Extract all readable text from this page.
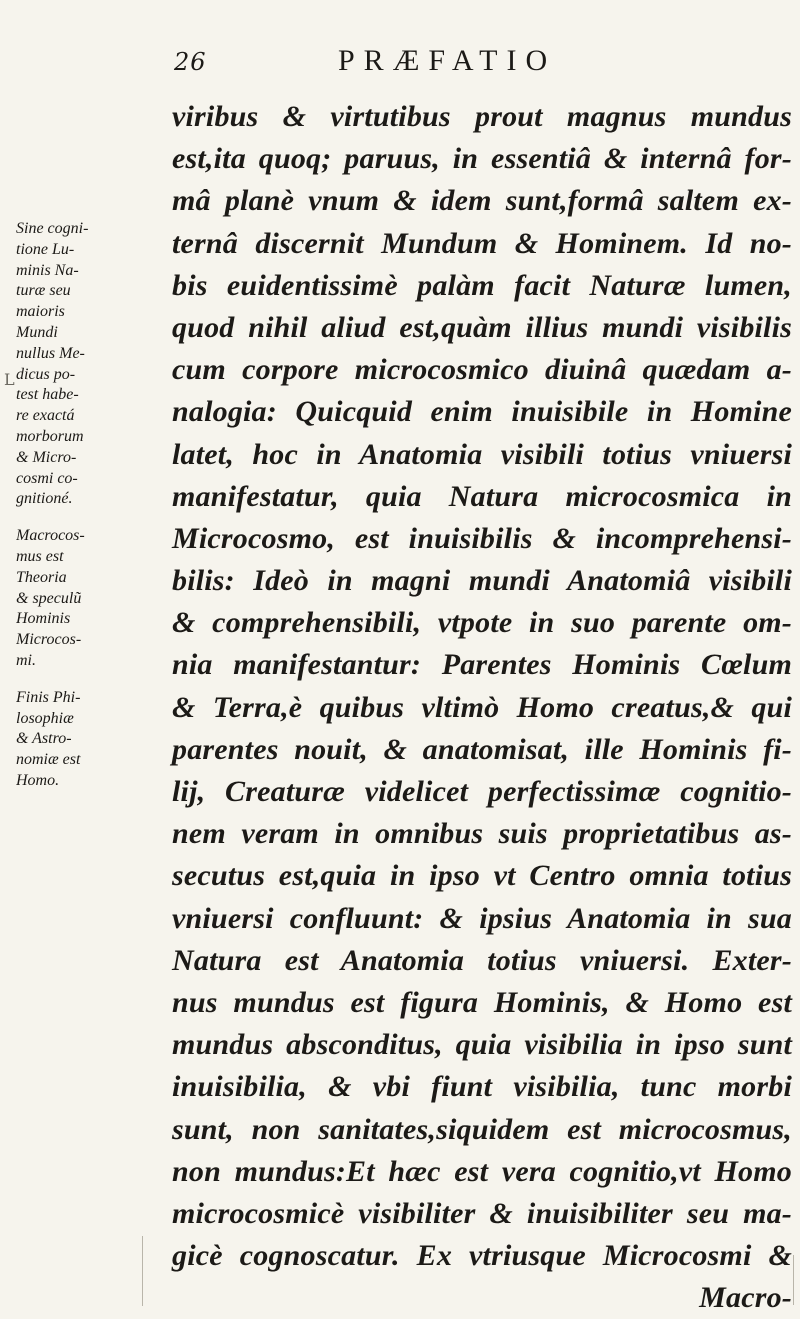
26	PRÆFATIO
L
Sine cogni-
tione Lu-
minis Na-
turæ seu
maioris
Mundi
nullus Me-
dicus po-
test habe-
re exactá
morborum
& Micro-
cosmi co-
gnitioné.
Macrocos-
mus est
Theoria
& speculũ
Hominis
Microcos-
mi.
Finis Phi-
losophiæ
& Astro-
nomiæ est
Homo.
viribus & virtutibus prout magnus mundus
est,ita quoq; paruus, in essentiâ & internâ for-
mâ planè vnum & idem sunt,formâ saltem ex-
ternâ discernit Mundum & Hominem. Id no-
bis euidentissimè palàm facit Naturæ lumen,
quod nihil aliud est,quàm illius mundi visibilis
cum corpore microcosmico diuinâ quædam a-
nalogia: Quicquid enim inuisibile in Homine
latet, hoc in Anatomia visibili totius vniuersi
manifestatur, quia Natura microcosmica in
Microcosmo, est inuisibilis & incomprehensi-
bilis: Ideò in magni mundi Anatomiâ visibili
& comprehensibili, vtpote in suo parente om-
nia manifestantur: Parentes Hominis Cœlum
& Terra,è quibus vltimò Homo creatus,& qui
parentes nouit, & anatomisat, ille Hominis fi-
lij, Creaturæ videlicet perfectissimæ cognitio-
nem veram in omnibus suis proprietatibus as-
secutus est,quia in ipso vt Centro omnia totius
vniuersi confluunt: & ipsius Anatomia in sua
Natura est Anatomia totius vniuersi. Exter-
nus mundus est figura Hominis, & Homo est
mundus absconditus, quia visibilia in ipso sunt
inuisibilia, & vbi fiunt visibilia, tunc morbi
sunt, non sanitates,siquidem est microcosmus,
non mundus:Et hæc est vera cognitio,vt Homo
microcosmicè visibiliter & inuisibiliter seu ma-
gicè cognoscatur. Ex vtriusque Microcosmi &
Macro-
